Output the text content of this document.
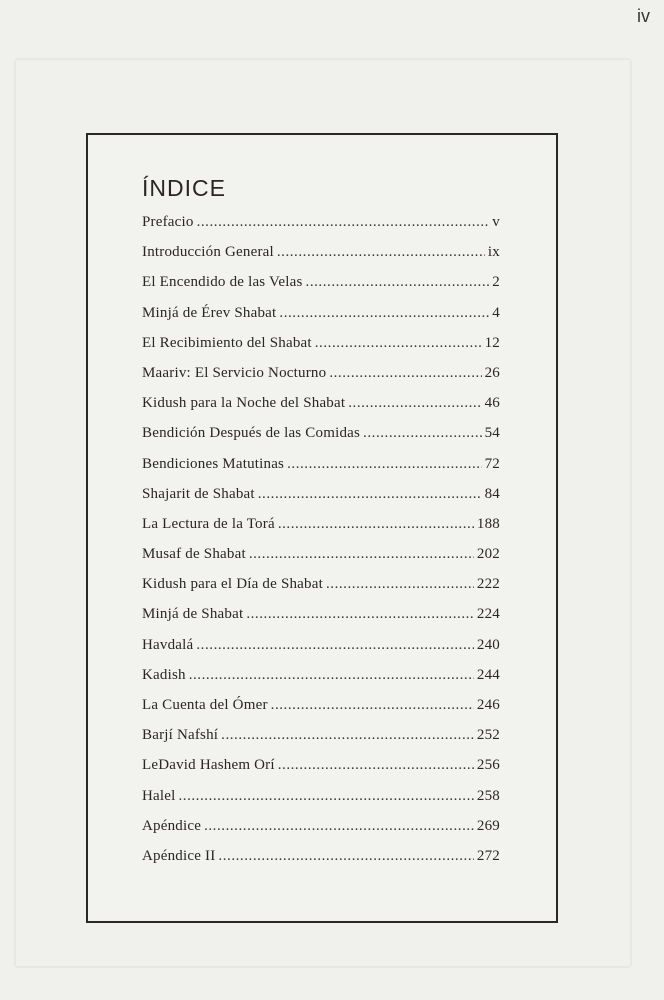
iv
ÍNDICE
Prefacio . . .	v
Introducción General . . .	ix
El Encendido de las Velas . . .	2
Minjá de Érev Shabat . . .	4
El Recibimiento del Shabat . . .	12
Maariv: El Servicio Nocturno . . .	26
Kidush para la Noche del Shabat . . .	46
Bendición Después de las Comidas . . .	54
Bendiciones Matutinas . . .	72
Shajarit de Shabat . . .	84
La Lectura de la Torá . . .	188
Musaf de Shabat . . .	202
Kidush para el Día de Shabat . . .	222
Minjá de Shabat . . .	224
Havdalá . . .	240
Kadish . . .	244
La Cuenta del Ómer . . .	246
Barjí Nafshí . . .	252
LeDavid Hashem Orí . . .	256
Halel . . .	258
Apéndice . . .	269
Apéndice II . . .	272
